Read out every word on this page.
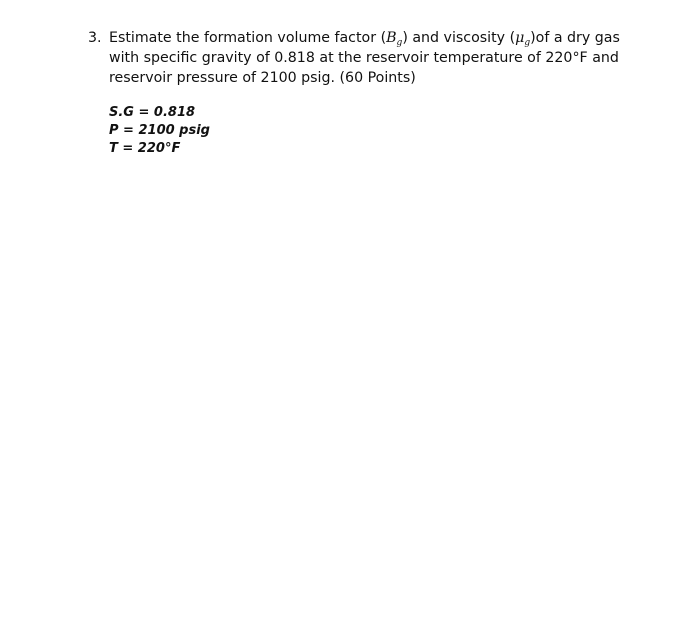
3. Estimate the formation volume factor $(B_g)$ and viscosity $(\mu_g)of$ a dry gas with specific gravity of 0.818 at the reservoir temperature of 220°F and reservoir pressure of 2100 psig. (60 Points)
S.G = 0.818
P = 2100 psig
T = 220°F
